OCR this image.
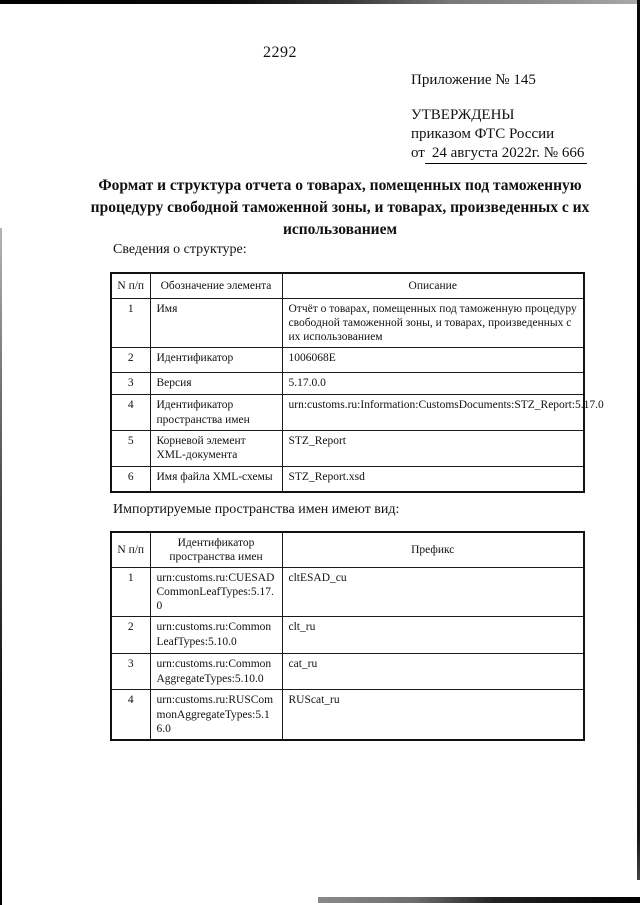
2292
Приложение № 145
УТВЕРЖДЕНЫ
приказом ФТС России
от 24 августа 2022г. № 666
Формат и структура отчета о товарах, помещенных под таможенную процедуру свободной таможенной зоны, и товарах, произведенных с их использованием

Сведения о структуре:

N п/п	Обозначение элемента	Описание
1	Имя	Отчёт о товарах, помещенных под таможенную процедуру свободной таможенной зоны, и товарах, произведенных с их использованием
2	Идентификатор	1006068E
3	Версия	5.17.0.0
4	Идентификатор пространства имен	urn:customs.ru:Information:CustomsDocuments:STZ_Report:5.17.0
5	Корневой элемент XML-документа	STZ_Report
6	Имя файла XML-схемы	STZ_Report.xsd

Импортируемые пространства имен имеют вид:

N п/п	Идентификатор пространства имен	Префикс
1	urn:customs.ru:CUESADCommonLeafTypes:5.17.0	cltESAD_cu
2	urn:customs.ru:CommonLeafTypes:5.10.0	clt_ru
3	urn:customs.ru:CommonAggregateTypes:5.10.0	cat_ru
4	urn:customs.ru:RUSCommonAggregateTypes:5.16.0	RUScat_ru
